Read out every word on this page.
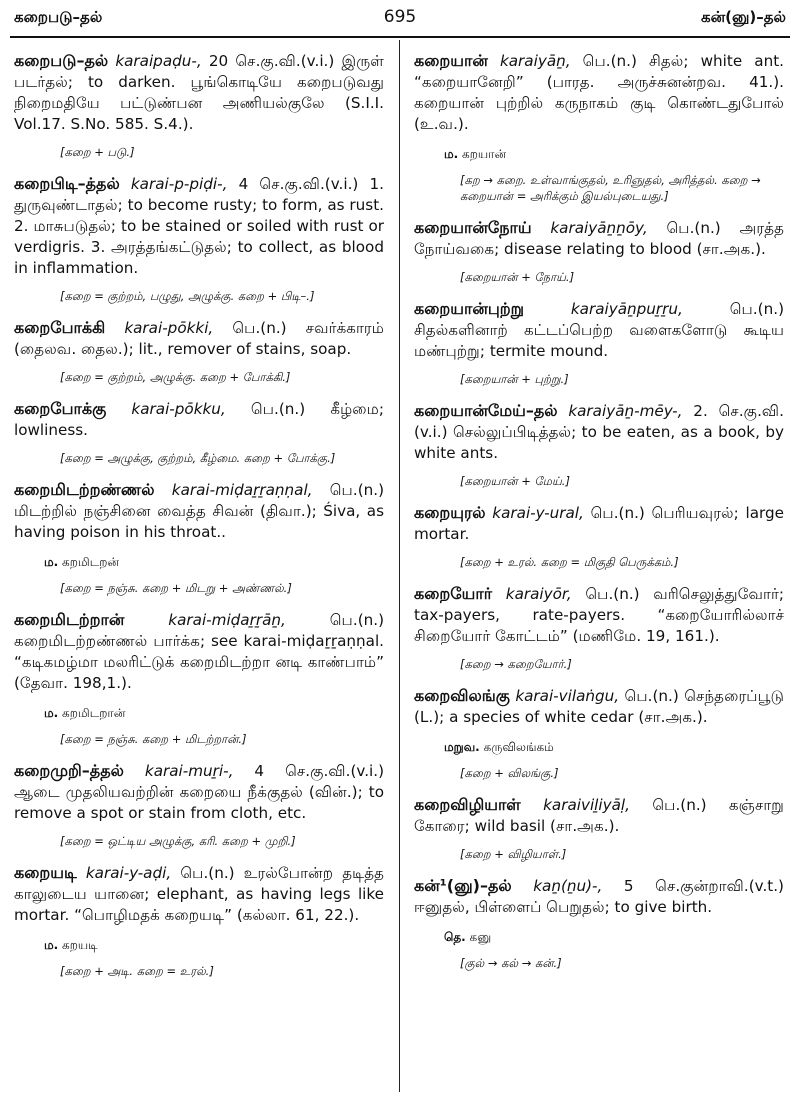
கறைபடு–தல்	695	கன்(னு)–தல்

கறைபடு–தல் karaipaḍu-, 20 செ.கு.வி.(v.i.) இருள் படர்தல்; to darken. பூங்கொடியே கறைபடுவது நிறைமதியே பட்டுண்பன அணியல்குலே (S.I.I. Vol.17. S.No. 585. S.4.).

[கறை + படு.]

கறைபிடி–த்தல் karai-p-piḍi-, 4 செ.கு.வி.(v.i.) 1. துருவுண்டாதல்; to become rusty; to form, as rust. 2. மாசுபடுதல்; to be stained or soiled with rust or verdigris. 3. அரத்தங்கட்டுதல்; to collect, as blood in inflammation.

[கறை = குற்றம், பழுது, அழுக்கு. கறை + பிடி–.]

கறைபோக்கி karai-pōkki, பெ.(n.) சவர்க்காரம் (தைலவ. தைல.); lit., remover of stains, soap.

[கறை = குற்றம், அழுக்கு. கறை + போக்கி.]

கறைபோக்கு karai-pōkku, பெ.(n.) கீழ்மை; lowliness.

[கறை = அழுக்கு, குற்றம், கீழ்மை. கறை + போக்கு.]

கறைமிடற்றண்ணல் karai-miḍaṟṟaṇṇal, பெ.(n.) மிடற்றில் நஞ்சினை வைத்த சிவன் (திவா.); Śiva, as having poison in his throat..

ம. கறமிடறன்
[கறை = நஞ்சு. கறை + மிடறு + அண்ணல்.]

கறைமிடற்றான்	karai-miḍaṟṟāṉ, பெ.(n.) கறைமிடற்றண்ணல் பார்க்க; see karai-miḍaṟṟaṇṇal. “கடிகமழ்மா மலரிட்டுக் கறைமிடற்றா னடி காண்பாம்” (தேவா. 198,1.).

ம. கறமிடறான்
[கறை = நஞ்சு. கறை + மிடற்றான்.]

கறைமுறி–த்தல் karai-muṟi-, 4 செ.கு.வி.(v.i.) ஆடை முதலியவற்றின் கறையை நீக்குதல் (வின்.); to remove a spot or stain from cloth, etc.

[கறை = ஒட்டிய அழுக்கு, கரி. கறை + முறி.]

கறையடி karai-y-aḍi, பெ.(n.) உரல்போன்ற தடித்த காலுடைய யானை; elephant, as having legs like mortar. “பொழிமதக் கறையடி” (கல்லா. 61, 22.).

ம. கறயடி
[கறை + அடி. கறை = உரல்.]

கறையான் karaiyāṉ, பெ.(n.) சிதல்; white ant. “கறையானேறி” (பாரத. அருச்சுனன்றவ. 41.). கறையான் புற்றில் கருநாகம் குடி கொண்டதுபோல் (உ.வ.).

ம. கறயான்
[கற → கறை. உள்வாங்குதல், உரிஞுதல், அரித்தல். கறை → கறையான் = அரிக்கும் இயல்புடையது.]

கறையான்நோய் karaiyāṉṉōy, பெ.(n.) அரத்த நோய்வகை; disease relating to blood (சா.அக.).

[கறையான் + நோய்.]

கறையான்புற்று	karaiyāṉpuṟṟu, பெ.(n.) சிதல்களினாற் கட்டப்பெற்ற வளைகளோடு கூடிய மண்புற்று; termite mound.

[கறையான் + புற்று.]

கறையான்மேய்–தல் karaiyāṉ-mēy-, 2. செ.கு.வி. (v.i.) செல்லுப்பிடித்தல்; to be eaten, as a book, by white ants.

[கறையான் + மேய்.]

கறையுரல் karai-y-ural, பெ.(n.) பெரியவுரல்; large mortar.

[கறை + உரல். கறை = மிகுதி பெருக்கம்.]

கறையோர் karaiyōr, பெ.(n.) வரிசெலுத்துவோர்; tax-payers, rate-payers. “கறையோரில்லாச் சிறையோர் கோட்டம்” (மணிமே. 19, 161.).

[கறை → கறையோர்.]

கறைவிலங்கு karai-vilaṅgu, பெ.(n.) செந்தரைப்பூடு (L.); a species of white cedar (சா.அக.).

மறுவ. கருவிலங்கம்
[கறை + விலங்கு.]

கறைவிழியாள் karaiviḻiyāḷ, பெ.(n.) கஞ்சாறு கோரை; wild basil (சா.அக.).

[கறை + விழியாள்.]

கன்¹(னு)–தல் kaṉ(ṉu)-, 5 செ.குன்றாவி.(v.t.) ஈனுதல், பிள்ளைப் பெறுதல்; to give birth.

தெ. கனு
[குல் → கல் → கன்.]
